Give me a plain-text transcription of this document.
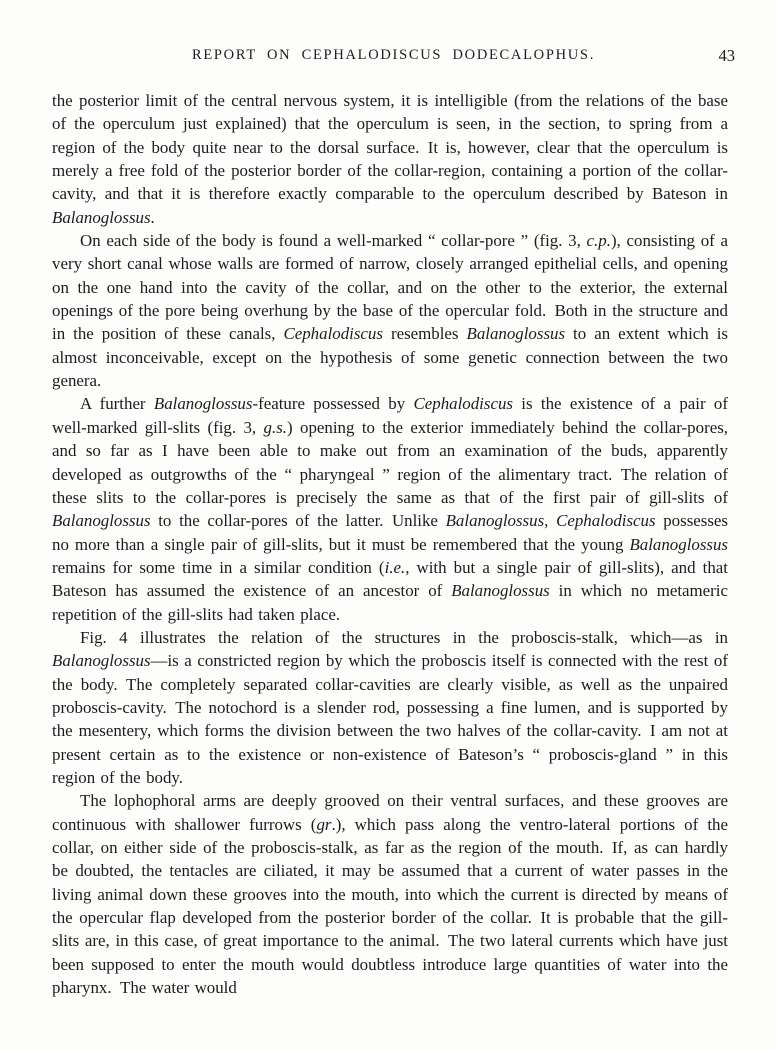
REPORT ON CEPHALODISCUS DODECALOPHUS.	43

the posterior limit of the central nervous system, it is intelligible (from the relations of the base of the operculum just explained) that the operculum is seen, in the section, to spring from a region of the body quite near to the dorsal surface. It is, however, clear that the operculum is merely a free fold of the posterior border of the collar-region, containing a portion of the collar-cavity, and that it is therefore exactly comparable to the operculum described by Bateson in Balanoglossus.

On each side of the body is found a well-marked “ collar-pore ” (fig. 3, c.p.), consisting of a very short canal whose walls are formed of narrow, closely arranged epithelial cells, and opening on the one hand into the cavity of the collar, and on the other to the exterior, the external openings of the pore being overhung by the base of the opercular fold. Both in the structure and in the position of these canals, Cephalodiscus resembles Balanoglossus to an extent which is almost inconceivable, except on the hypothesis of some genetic connection between the two genera.

A further Balanoglossus-feature possessed by Cephalodiscus is the existence of a pair of well-marked gill-slits (fig. 3, g.s.) opening to the exterior immediately behind the collar-pores, and so far as I have been able to make out from an examination of the buds, apparently developed as outgrowths of the “ pharyngeal ” region of the alimentary tract. The relation of these slits to the collar-pores is precisely the same as that of the first pair of gill-slits of Balanoglossus to the collar-pores of the latter. Unlike Balanoglossus, Cephalodiscus possesses no more than a single pair of gill-slits, but it must be remembered that the young Balanoglossus remains for some time in a similar condition (i.e., with but a single pair of gill-slits), and that Bateson has assumed the existence of an ancestor of Balanoglossus in which no metameric repetition of the gill-slits had taken place.

Fig. 4 illustrates the relation of the structures in the proboscis-stalk, which—as in Balanoglossus—is a constricted region by which the proboscis itself is connected with the rest of the body. The completely separated collar-cavities are clearly visible, as well as the unpaired proboscis-cavity. The notochord is a slender rod, possessing a fine lumen, and is supported by the mesentery, which forms the division between the two halves of the collar-cavity. I am not at present certain as to the existence or non-existence of Bateson’s “ proboscis-gland ” in this region of the body.

The lophophoral arms are deeply grooved on their ventral surfaces, and these grooves are continuous with shallower furrows (gr.), which pass along the ventro-lateral portions of the collar, on either side of the proboscis-stalk, as far as the region of the mouth. If, as can hardly be doubted, the tentacles are ciliated, it may be assumed that a current of water passes in the living animal down these grooves into the mouth, into which the current is directed by means of the opercular flap developed from the posterior border of the collar. It is probable that the gill-slits are, in this case, of great importance to the animal. The two lateral currents which have just been supposed to enter the mouth would doubtless introduce large quantities of water into the pharynx. The water would
